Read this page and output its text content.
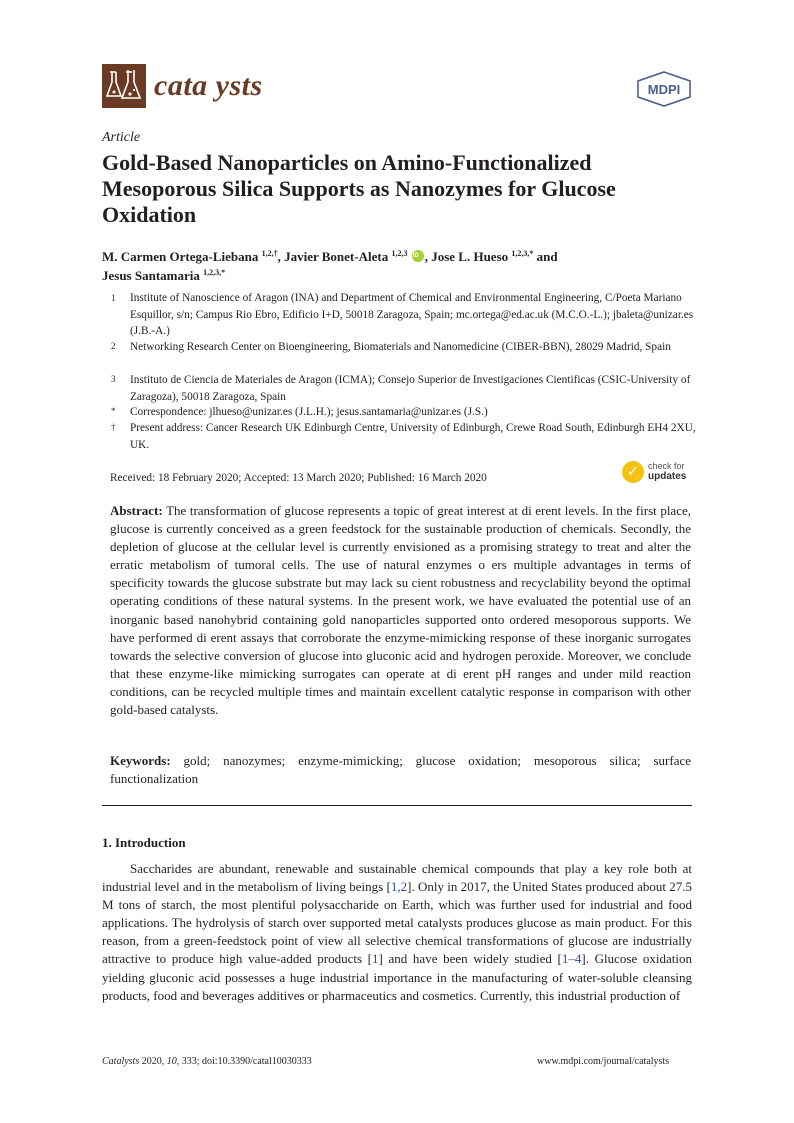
cata ysts	MDPI
Article
Gold-Based Nanoparticles on Amino-Functionalized Mesoporous Silica Supports as Nanozymes for Glucose Oxidation
M. Carmen Ortega-Liebana $^{1,2,\dagger}$, Javier Bonet-Aleta $^{1,2,3}$ iD , Jose L. Hueso $^{1,2,3,*}$ and
Jesus Santamaria $^{1,2,3,*}$
1 Institute of Nanoscience of Aragon (INA) and Department of Chemical and Environmental Engineering, C/Poeta Mariano Esquillor, s/n; Campus Rio Ebro, Edificio I+D, 50018 Zaragoza, Spain; mc.ortega@ed.ac.uk (M.C.O.-L.); jbaleta@unizar.es (J.B.-A.)
2 Networking Research Center on Bioengineering, Biomaterials and Nanomedicine (CIBER-BBN), 28029 Madrid, Spain
3 Instituto de Ciencia de Materiales de Aragon (ICMA); Consejo Superior de Investigaciones Cientificas (CSIC-University of Zaragoza), 50018 Zaragoza, Spain
* Correspondence: jlhueso@unizar.es (J.L.H.); jesus.santamaria@unizar.es (J.S.)
† Present address: Cancer Research UK Edinburgh Centre, University of Edinburgh, Crewe Road South, Edinburgh EH4 2XU, UK.
Received: 18 February 2020; Accepted: 13 March 2020; Published: 16 March 2020
✓
check for
updates
Abstract: The transformation of glucose represents a topic of great interest at di erent levels. In the first place, glucose is currently conceived as a green feedstock for the sustainable production of chemicals. Secondly, the depletion of glucose at the cellular level is currently envisioned as a promising strategy to treat and alter the erratic metabolism of tumoral cells. The use of natural enzymes o ers multiple advantages in terms of specificity towards the glucose substrate but may lack su cient robustness and recyclability beyond the optimal operating conditions of these natural systems. In the present work, we have evaluated the potential use of an inorganic based nanohybrid containing gold nanoparticles supported onto ordered mesoporous supports. We have performed di erent assays that corroborate the enzyme-mimicking response of these inorganic surrogates towards the selective conversion of glucose into gluconic acid and hydrogen peroxide. Moreover, we conclude that these enzyme-like mimicking surrogates can operate at di erent pH ranges and under mild reaction conditions, can be recycled multiple times and maintain excellent catalytic response in comparison with other gold-based catalysts.
Keywords: gold; nanozymes; enzyme-mimicking; glucose oxidation; mesoporous silica; surface functionalization
1. Introduction
Saccharides are abundant, renewable and sustainable chemical compounds that play a key role both at industrial level and in the metabolism of living beings [1,2]. Only in 2017, the United States produced about 27.5 M tons of starch, the most plentiful polysaccharide on Earth, which was further used for industrial and food applications. The hydrolysis of starch over supported metal catalysts produces glucose as main product. For this reason, from a green-feedstock point of view all selective chemical transformations of glucose are industrially attractive to produce high value-added products [1] and have been widely studied [1–4]. Glucose oxidation yielding gluconic acid possesses a huge industrial importance in the manufacturing of water-soluble cleansing products, food and beverages additives or pharmaceutics and cosmetics. Currently, this industrial production of
Catalysts 2020, 10, 333; doi:10.3390/catal10030333	www.mdpi.com/journal/catalysts
